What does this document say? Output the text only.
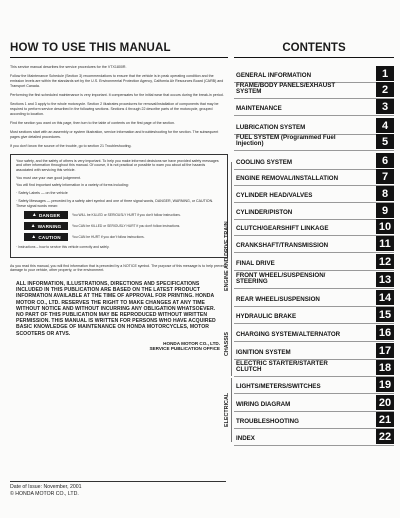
HOW TO USE THIS MANUAL

This service manual describes the service procedures for the VTX1800R.

Follow the Maintenance Schedule (Section 3) recommendations to ensure that the vehicle is in peak operating condition and the emission levels are within the standards set by the U.S. Environmental Protection Agency, California Air Resources Board (CARB) and Transport Canada.

Performing the first scheduled maintenance is very important. It compensates for the initial wear that occurs during the break-in period.

Sections 1 and 3 apply to the whole motorcycle. Section 2 illustrates procedures for removal/installation of components that may be required to perform service described in the following sections. Sections 4 through 22 describe parts of the motorcycle, grouped according to location.

Find the section you want on this page, then turn to the table of contents on the first page of the section.

Most sections start with an assembly or system illustration, service information and troubleshooting for the section. The subsequent pages give detailed procedures.

If you don't know the source of the trouble, go to section 21 Troubleshooting.

Your safety, and the safety of others is very important. To help you make informed decisions we have provided safety messages and other information throughout this manual. Of course, it is not practical or possible to warn you about all the hazards associated with servicing this vehicle.

You must use your own good judgement.

You will find important safety information in a variety of forms including:

· Safety Labels — on the vehicle

· Safety Messages — preceded by a safety alert symbol and one of three signal words, DANGER, WARNING, or CAUTION. These signal words mean:

▲ DANGER	You WILL be KILLED or SERIOUSLY HURT if you don't follow instructions.
▲ WARNING	You CAN be KILLED or SERIOUSLY HURT if you don't follow instructions.
▲ CAUTION	You CAN be HURT if you don't follow instructions.

· Instructions – how to service this vehicle correctly and safely.

As you read this manual, you will find information that is preceded by a NOTICE symbol. The purpose of this message is to help prevent damage to your vehicle, other property, or the environment.

ALL INFORMATION, ILLUSTRATIONS, DIRECTIONS AND SPECIFICATIONS INCLUDED IN THIS PUBLICATION ARE BASED ON THE LATEST PRODUCT INFORMATION AVAILABLE AT THE TIME OF APPROVAL FOR PRINTING. HONDA MOTOR CO., LTD. RESERVES THE RIGHT TO MAKE CHANGES AT ANY TIME WITHOUT NOTICE AND WITHOUT INCURRING ANY OBLIGATION WHATSOEVER. NO PART OF THIS PUBLICATION MAY BE REPRODUCED WITHOUT WRITTEN PERMISSION. THIS MANUAL IS WRITTEN FOR PERSONS WHO HAVE ACQUIRED BASIC KNOWLEDGE OF MAINTENANCE ON HONDA MOTORCYCLES, MOTOR SCOOTERS OR ATVS.
HONDA MOTOR CO., LTD.
SERVICE PUBLICATION OFFICE
Date of Issue: November, 2001
© HONDA MOTOR CO., LTD.
CONTENTS
ENGINE AND DRIVE TRAIN
CHASSIS
ELECTRICAL
GENERAL INFORMATION	1
FRAME/BODY PANELS/EXHAUST SYSTEM	2
MAINTENANCE	3
LUBRICATION SYSTEM	4
FUEL SYSTEM (Programmed Fuel Injection)	5
COOLING SYSTEM	6
ENGINE REMOVAL/INSTALLATION	7
CYLINDER HEAD/VALVES	8
CYLINDER/PISTON	9
CLUTCH/GEARSHIFT LINKAGE	10
CRANKSHAFT/TRANSMISSION	11
FINAL DRIVE	12
FRONT WHEEL/SUSPENSION/ STEERING	13
REAR WHEEL/SUSPENSION	14
HYDRAULIC BRAKE	15
CHARGING SYSTEM/ALTERNATOR	16
IGNITION SYSTEM	17
ELECTRIC STARTER/STARTER CLUTCH	18
LIGHTS/METERS/SWITCHES	19
WIRING DIAGRAM	20
TROUBLESHOOTING	21
INDEX	22
